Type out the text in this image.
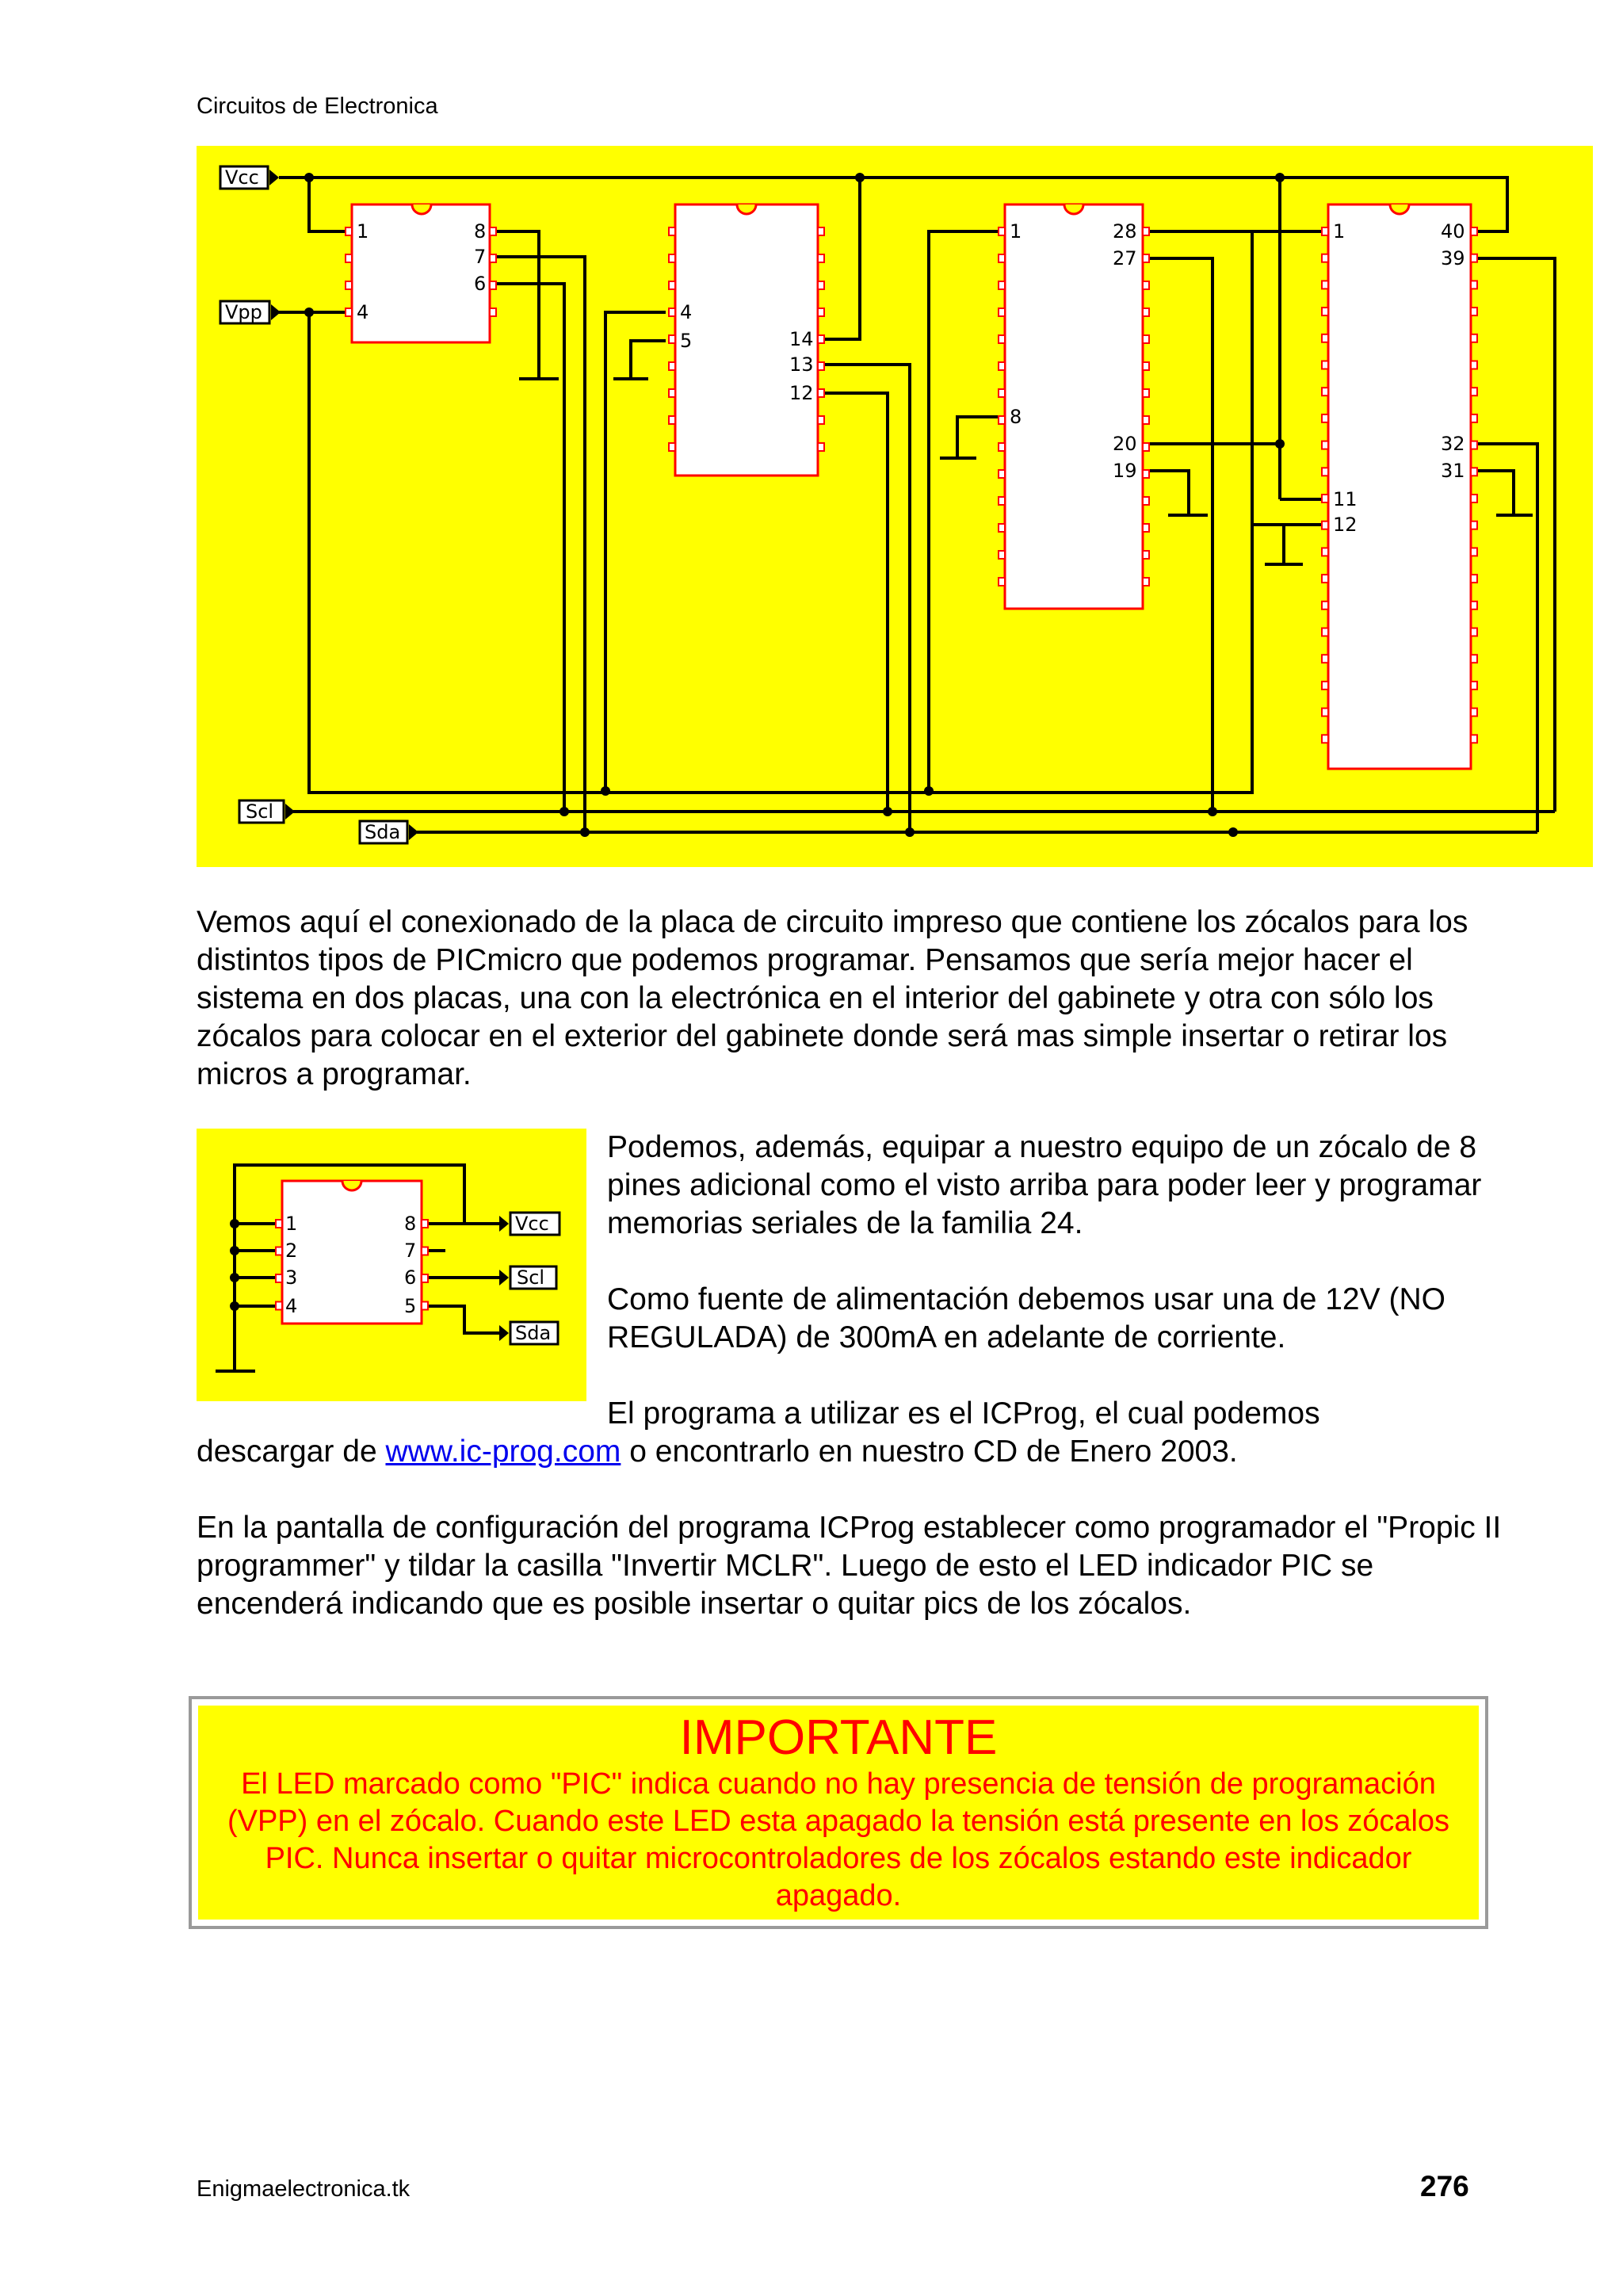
Circuitos de Electronica
Vcc
Vpp
Scl
Sda
1
4
8
7
6
4
5	14
13
12
1
8
28
27
20
19
1
11
12
40
39
32
31

Vemos aquí el conexionado de la placa de circuito impreso que contiene los zócalos para los distintos tipos de PICmicro que podemos programar. Pensamos que sería mejor hacer el sistema en dos placas, una con la electrónica en el interior del gabinete y otra con sólo los zócalos para colocar en el exterior del gabinete donde será mas simple insertar o retirar los micros a programar.

1
2
3
4
8
7
6
5
Vcc
Scl
Sda

Podemos, además, equipar a nuestro equipo de un zócalo de 8 pines adicional como el visto arriba para poder leer y programar memorias seriales de la familia 24.

Como fuente de alimentación debemos usar una de 12V (NO REGULADA) de 300mA en adelante de corriente.

El programa a utilizar es el ICProg, el cual podemos
descargar de www.ic-prog.com o encontrarlo en nuestro CD de Enero 2003.

En la pantalla de configuración del programa ICProg establecer como programador el "Propic II programmer" y tildar la casilla "Invertir MCLR". Luego de esto el LED indicador PIC se encenderá indicando que es posible insertar o quitar pics de los zócalos.

IMPORTANTE
El LED marcado como "PIC" indica cuando no hay presencia de tensión de programación (VPP) en el zócalo. Cuando este LED esta apagado la tensión está presente en los zócalos PIC. Nunca insertar o quitar microcontroladores de los zócalos estando este indicador apagado.
Enigmaelectronica.tk	276
